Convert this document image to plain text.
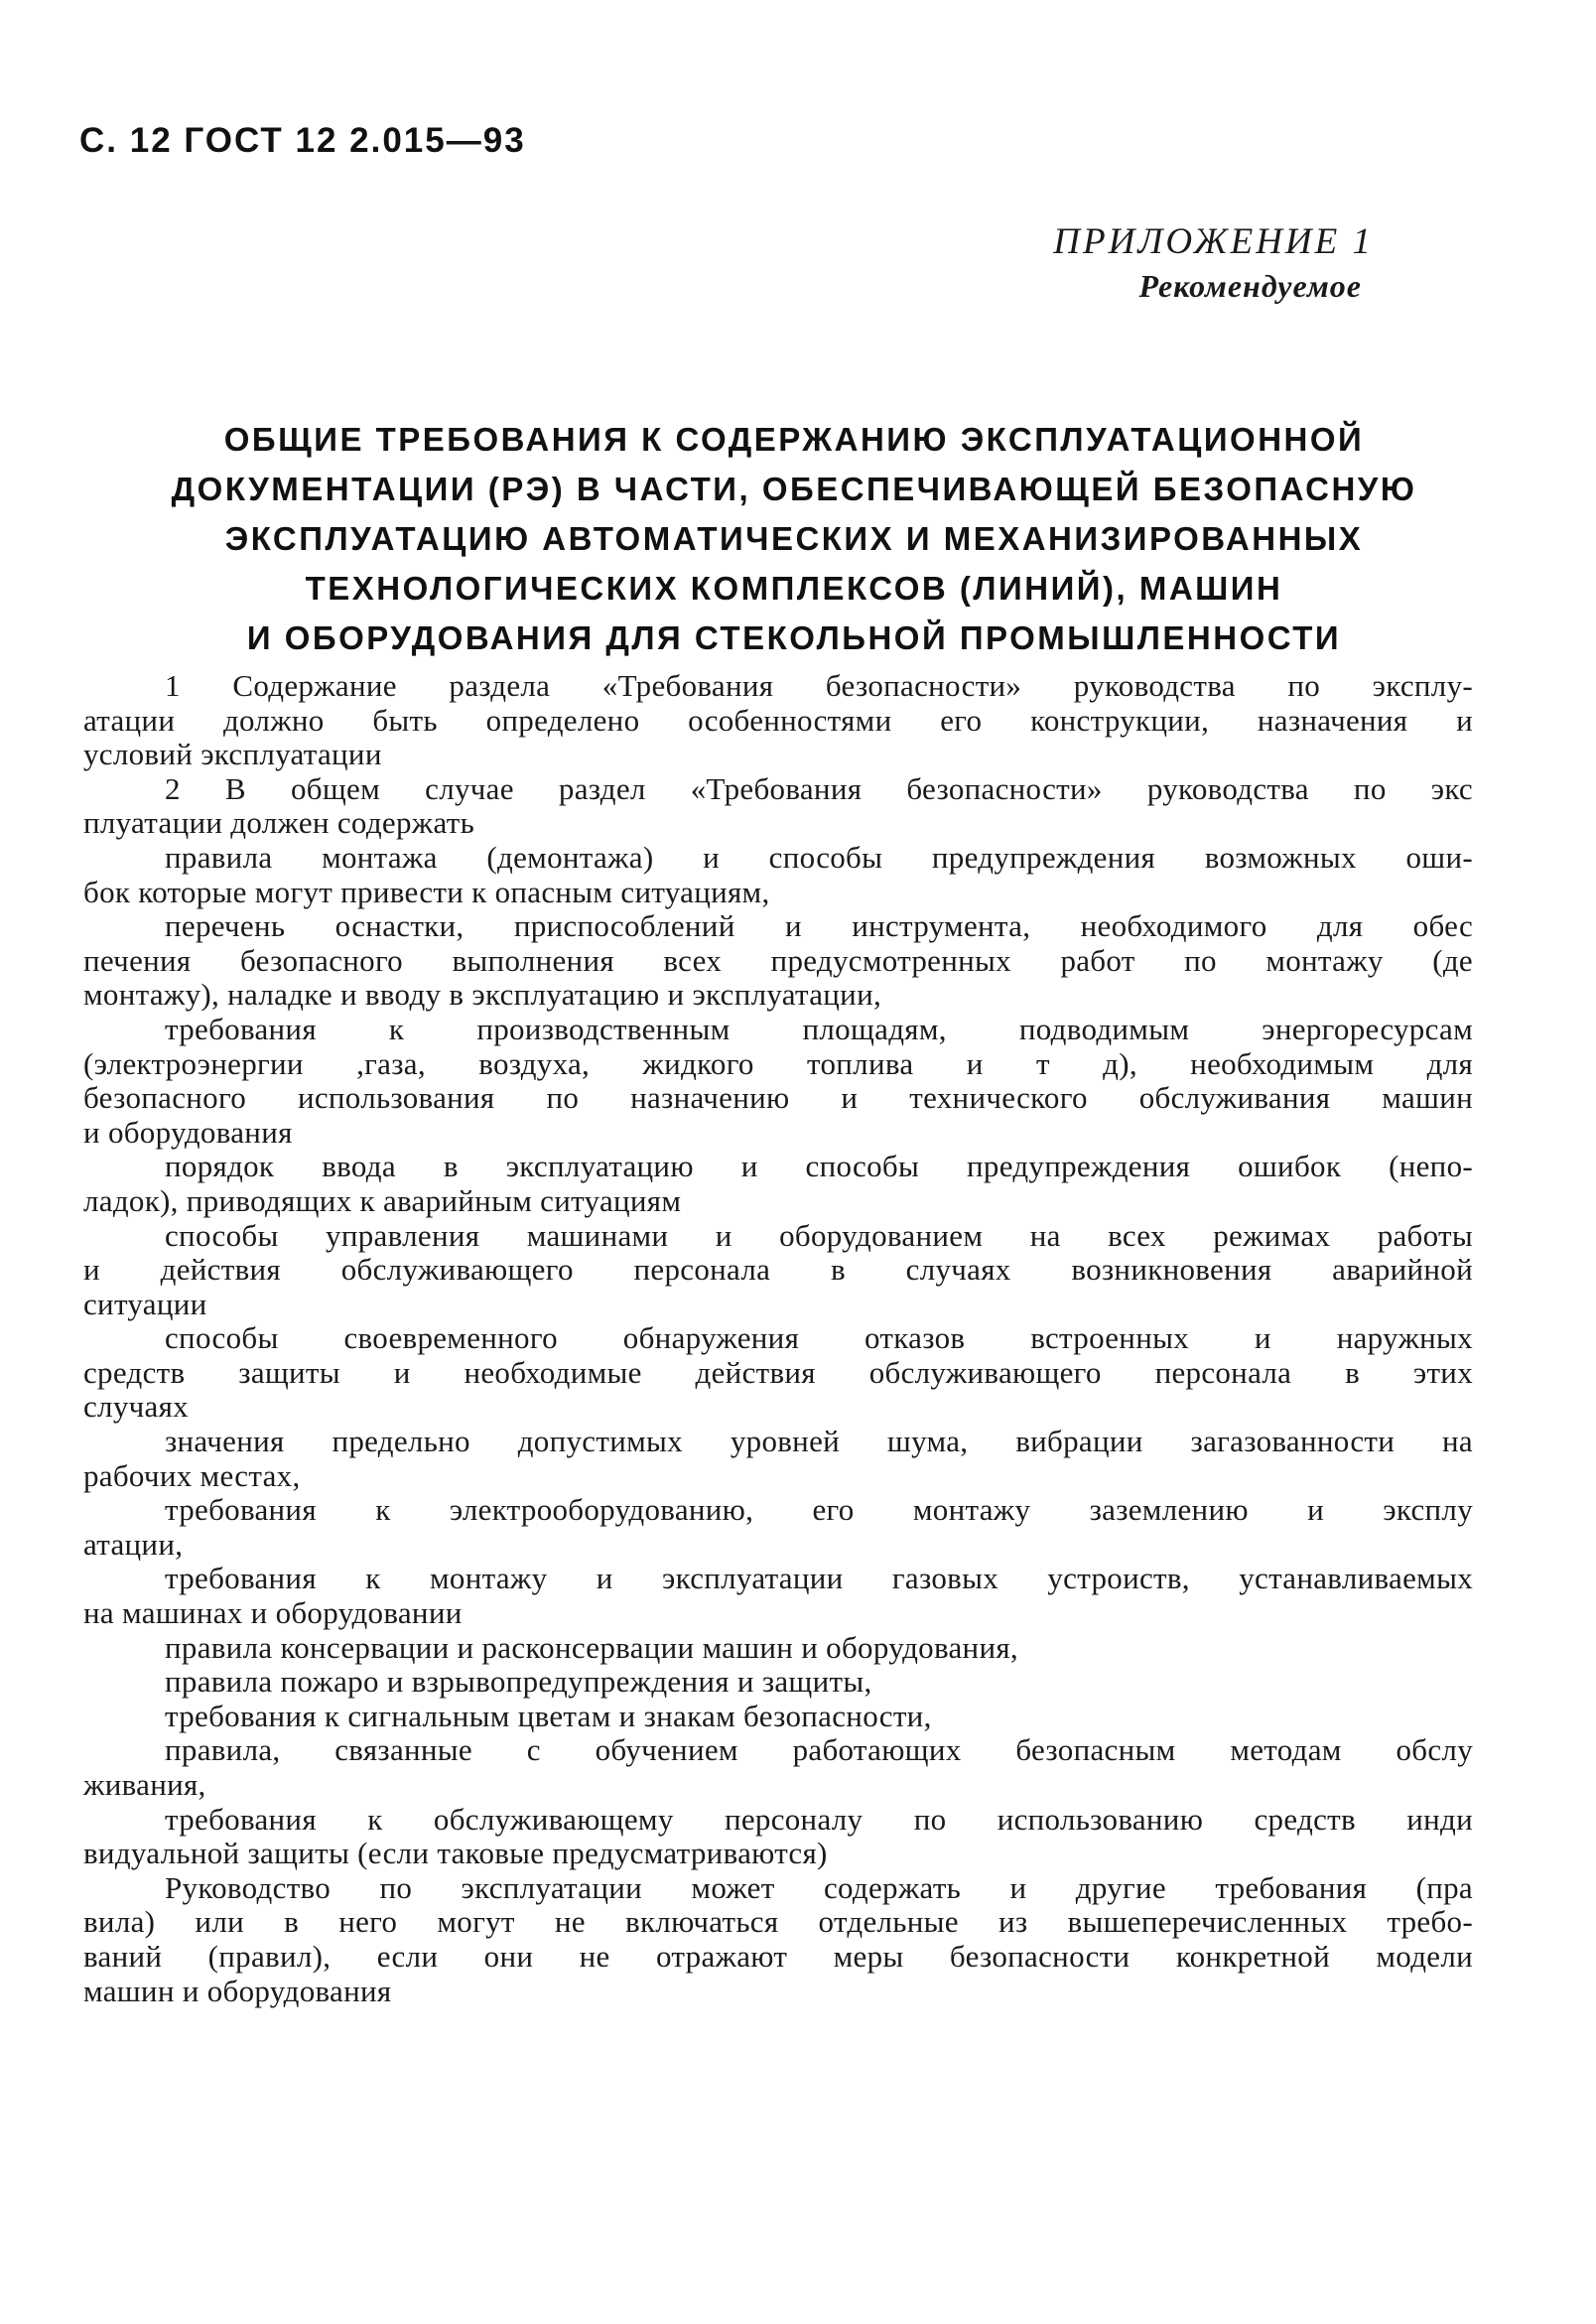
С. 12 ГОСТ 12 2.015—93
ПРИЛОЖЕНИЕ 1
Рекомендуемое
ОБЩИЕ ТРЕБОВАНИЯ К СОДЕРЖАНИЮ ЭКСПЛУАТАЦИОННОЙ
ДОКУМЕНТАЦИИ (РЭ) В ЧАСТИ, ОБЕСПЕЧИВАЮЩЕЙ БЕЗОПАСНУЮ
ЭКСПЛУАТАЦИЮ АВТОМАТИЧЕСКИХ И МЕХАНИЗИРОВАННЫХ
ТЕХНОЛОГИЧЕСКИХ КОМПЛЕКСОВ (ЛИНИЙ), МАШИН
И ОБОРУДОВАНИЯ ДЛЯ СТЕКОЛЬНОЙ ПРОМЫШЛЕННОСТИ
1 Содержание раздела «Требования безопасности» руководства по эксплу-
атации должно быть определено особенностями его конструкции, назначения и
условий эксплуатации
2 В общем случае раздел «Требования безопасности» руководства по экс
плуатации должен содержать
правила монтажа (демонтажа) и способы предупреждения возможных оши-
бок которые могут привести к опасным ситуациям,
перечень оснастки, приспособлений и инструмента, необходимого для обес
печения безопасного выполнения всех предусмотренных работ по монтажу (де
монтажу), наладке и вводу в эксплуатацию и эксплуатации,
требования к производственным площадям, подводимым энергоресурсам
(электроэнергии ,газа, воздуха, жидкого топлива и т д), необходимым для
безопасного использования по назначению и технического обслуживания машин
и оборудования
порядок ввода в эксплуатацию и способы предупреждения ошибок (непо-
ладок), приводящих к аварийным ситуациям
способы управления машинами и оборудованием на всех режимах работы
и действия обслуживающего персонала в случаях возникновения аварийной
ситуации
способы своевременного обнаружения отказов встроенных и наружных
средств защиты и необходимые действия обслуживающего персонала в этих
случаях
значения предельно допустимых уровней шума, вибрации загазованности на
рабочих местах,
требования к электрооборудованию, его монтажу заземлению и эксплу
атации,
требования к монтажу и эксплуатации газовых устроиств, устанавливаемых
на машинах и оборудовании
правила консервации и расконсервации машин и оборудования,
правила пожаро и взрывопредупреждения и защиты,
требования к сигнальным цветам и знакам безопасности,
правила, связанные с обучением работающих безопасным методам обслу
живания,
требования к обслуживающему персоналу по использованию средств инди
видуальной защиты (если таковые предусматриваются)
Руководство по эксплуатации может содержать и другие требования (пра
вила) или в него могут не включаться отдельные из вышеперечисленных требо-
ваний (правил), если они не отражают меры безопасности конкретной модели
машин и оборудования
